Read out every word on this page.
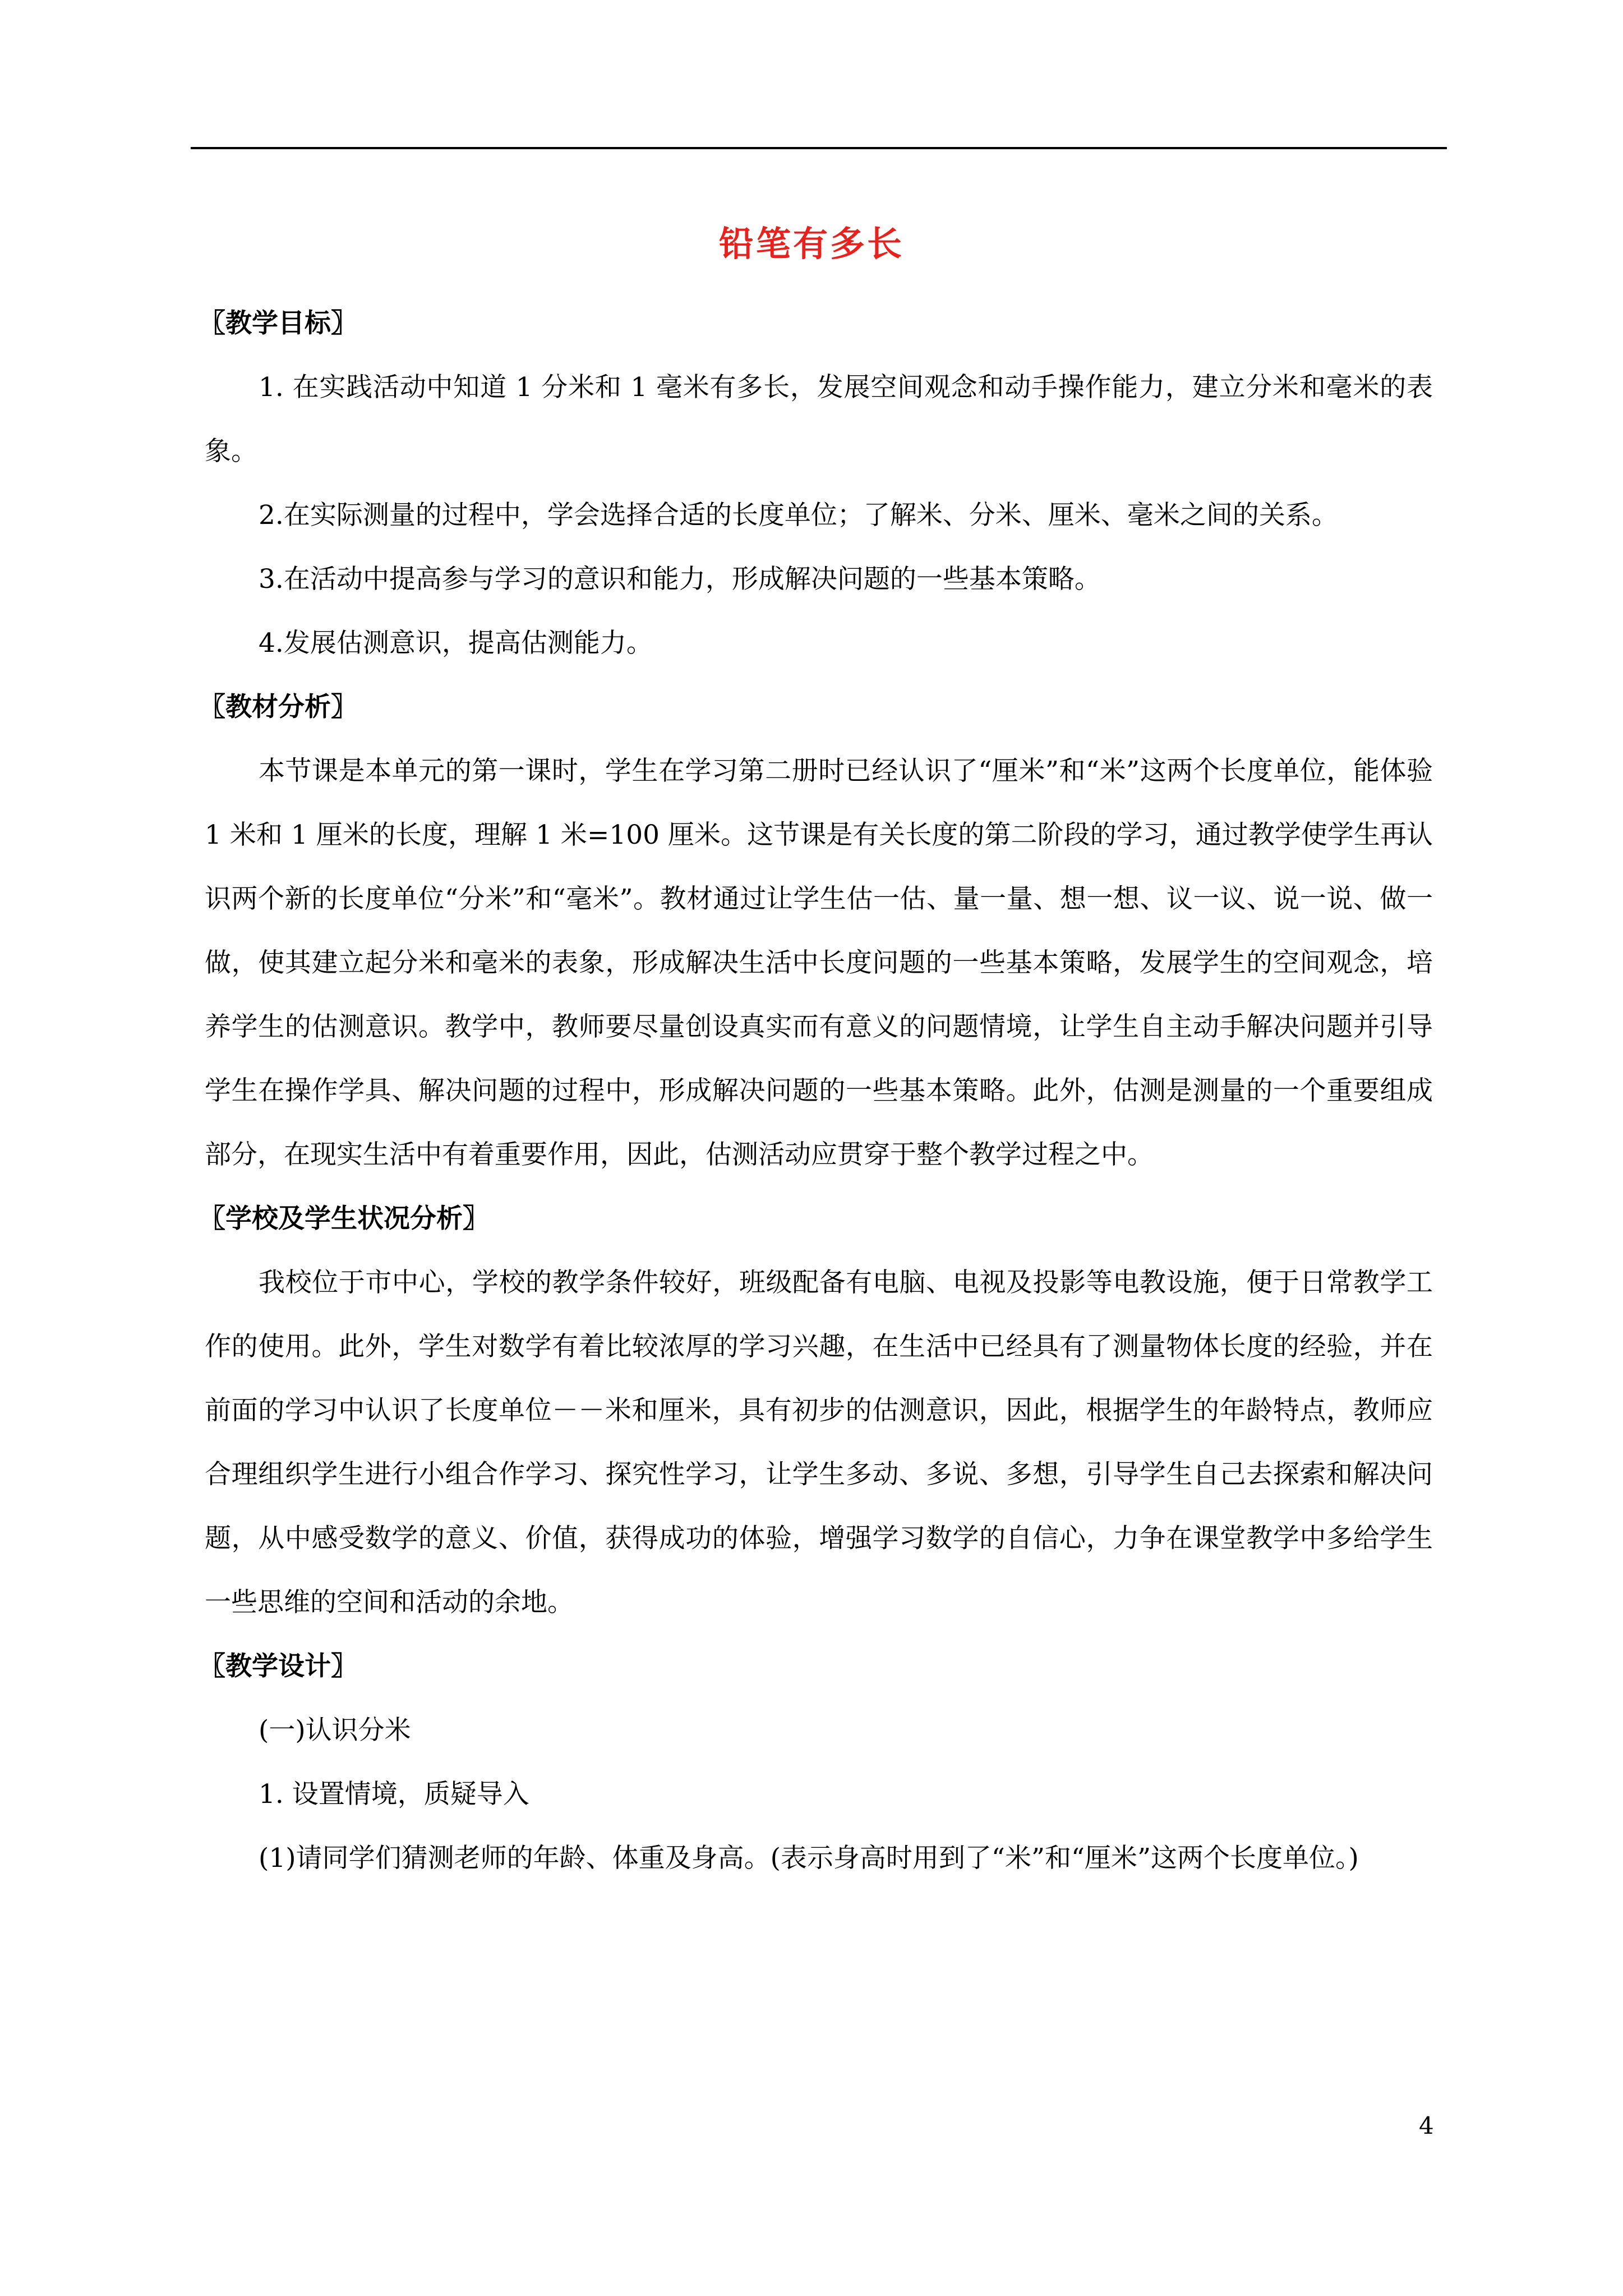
铅笔有多长

〖教学目标〗

1. 在实践活动中知道 1 分米和 1 毫米有多长，发展空间观念和动手操作能力，建立分米和毫米的表象。

2.在实际测量的过程中，学会选择合适的长度单位；了解米、分米、厘米、毫米之间的关系。

3.在活动中提高参与学习的意识和能力，形成解决问题的一些基本策略。

4.发展估测意识，提高估测能力。

〖教材分析〗

本节课是本单元的第一课时，学生在学习第二册时已经认识了“厘米”和“米”这两个长度单位，能体验 1 米和 1 厘米的长度，理解 1 米=100 厘米。这节课是有关长度的第二阶段的学习，通过教学使学生再认识两个新的长度单位“分米”和“毫米”。教材通过让学生估一估、量一量、想一想、议一议、说一说、做一做，使其建立起分米和毫米的表象，形成解决生活中长度问题的一些基本策略，发展学生的空间观念，培养学生的估测意识。教学中，教师要尽量创设真实而有意义的问题情境，让学生自主动手解决问题并引导学生在操作学具、解决问题的过程中，形成解决问题的一些基本策略。此外，估测是测量的一个重要组成部分，在现实生活中有着重要作用，因此，估测活动应贯穿于整个教学过程之中。

〖学校及学生状况分析〗

我校位于市中心，学校的教学条件较好，班级配备有电脑、电视及投影等电教设施，便于日常教学工作的使用。此外，学生对数学有着比较浓厚的学习兴趣，在生活中已经具有了测量物体长度的经验，并在前面的学习中认识了长度单位－－米和厘米，具有初步的估测意识，因此，根据学生的年龄特点，教师应合理组织学生进行小组合作学习、探究性学习，让学生多动、多说、多想，引导学生自己去探索和解决问题，从中感受数学的意义、价值，获得成功的体验，增强学习数学的自信心，力争在课堂教学中多给学生一些思维的空间和活动的余地。

〖教学设计〗

(一)认识分米

1. 设置情境，质疑导入

(1)请同学们猜测老师的年龄、体重及身高。(表示身高时用到了“米”和“厘米”这两个长度单位。)

4
